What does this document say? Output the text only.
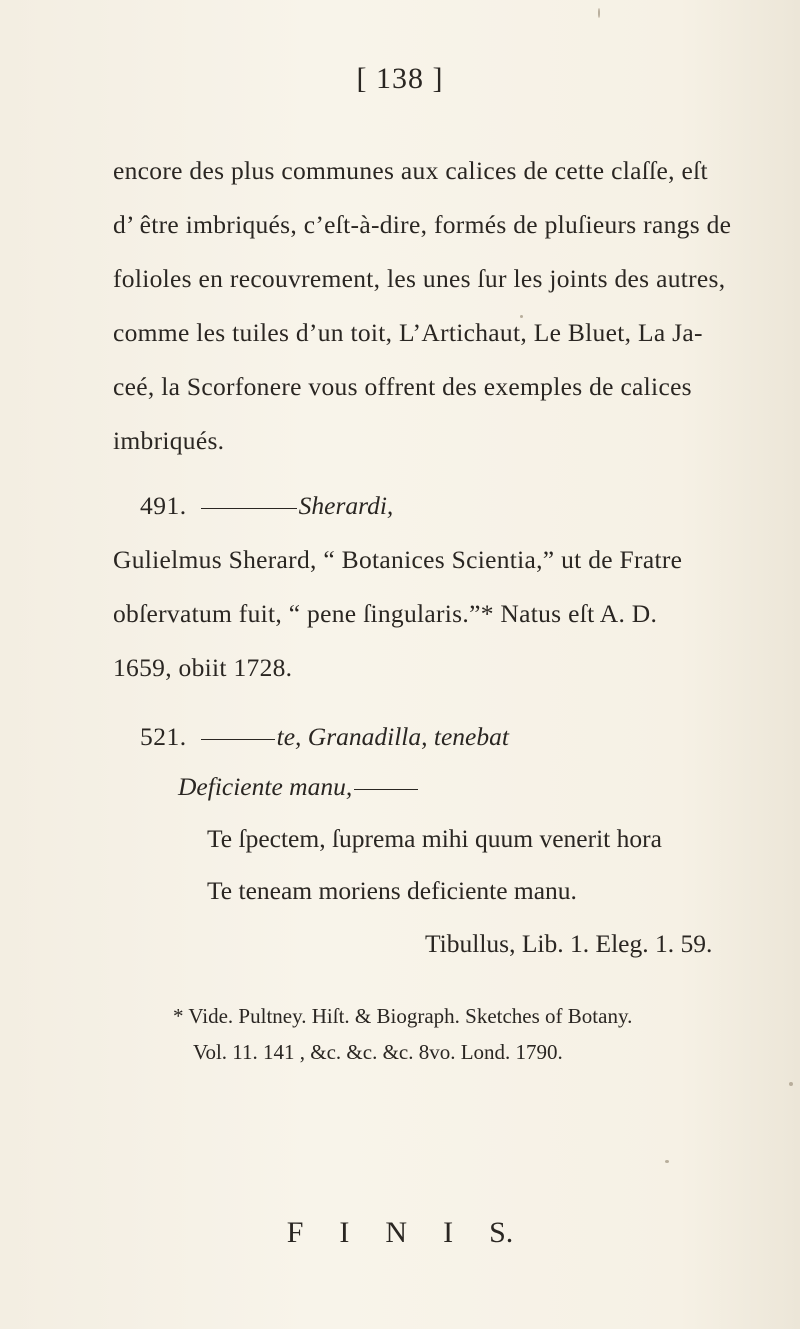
[ 138 ]
encore des plus communes aux calices de cette claſſe, eſt
d’ être imbriqués, c’eſt-à-dire, formés de pluſieurs rangs de
folioles en recouvrement, les unes ſur les joints des autres,
comme les tuiles d’un toit, L’Artichaut, Le Bluet, La Ja-
ceé, la Scorfonere vous offrent des exemples de calices
imbriqués.
491.	Sherardi,
Gulielmus Sherard, “ Botanices Scientia,” ut de Fratre
obſervatum fuit, “ pene ſingularis.”* Natus eſt A. D.
1659, obiit 1728.
521.	te, Granadilla, tenebat
Deficiente manu,
Te ſpectem, ſuprema mihi quum venerit hora
Te teneam moriens deficiente manu.
Tibullus, Lib. 1. Eleg. 1. 59.
* Vide. Pultney. Hiſt. & Biograph. Sketches of Botany.
Vol. 11. 141 , &c. &c. &c. 8vo. Lond. 1790.
F I N I S.
